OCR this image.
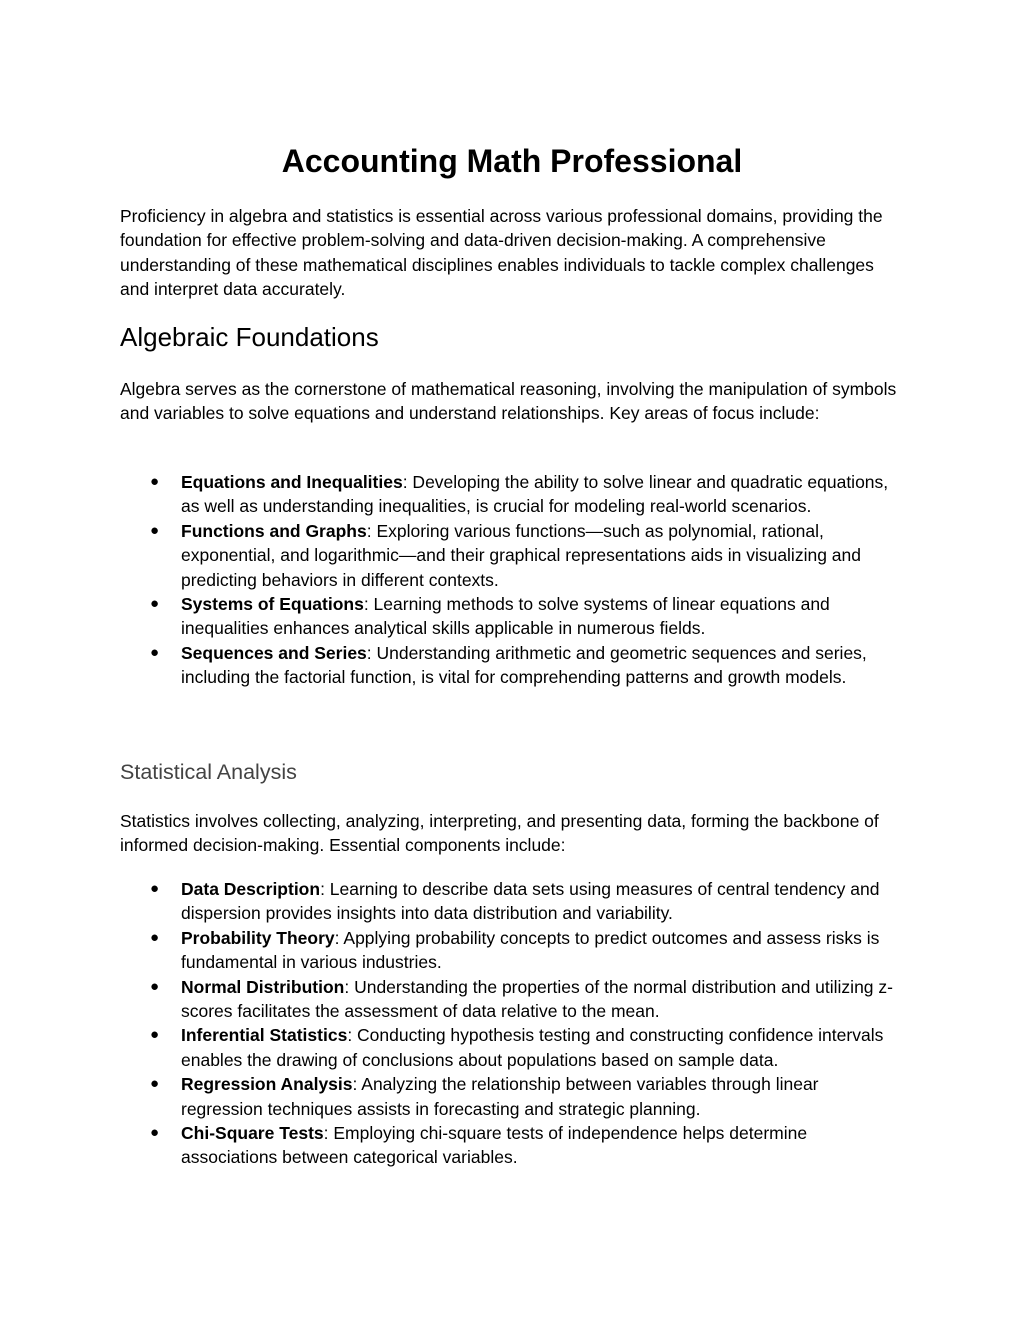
Accounting Math Professional

Proficiency in algebra and statistics is essential across various professional domains, providing the foundation for effective problem-solving and data-driven decision-making. A comprehensive understanding of these mathematical disciplines enables individuals to tackle complex challenges and interpret data accurately.

Algebraic Foundations

Algebra serves as the cornerstone of mathematical reasoning, involving the manipulation of symbols and variables to solve equations and understand relationships. Key areas of focus include:

● Equations and Inequalities: Developing the ability to solve linear and quadratic equations, as well as understanding inequalities, is crucial for modeling real-world scenarios.
● Functions and Graphs: Exploring various functions—such as polynomial, rational, exponential, and logarithmic—and their graphical representations aids in visualizing and predicting behaviors in different contexts.
● Systems of Equations: Learning methods to solve systems of linear equations and inequalities enhances analytical skills applicable in numerous fields.
● Sequences and Series: Understanding arithmetic and geometric sequences and series, including the factorial function, is vital for comprehending patterns and growth models.
Statistical Analysis

Statistics involves collecting, analyzing, interpreting, and presenting data, forming the backbone of informed decision-making. Essential components include:

● Data Description: Learning to describe data sets using measures of central tendency and dispersion provides insights into data distribution and variability.
● Probability Theory: Applying probability concepts to predict outcomes and assess risks is fundamental in various industries.
● Normal Distribution: Understanding the properties of the normal distribution and utilizing z-scores facilitates the assessment of data relative to the mean.
● Inferential Statistics: Conducting hypothesis testing and constructing confidence intervals enables the drawing of conclusions about populations based on sample data.
● Regression Analysis: Analyzing the relationship between variables through linear regression techniques assists in forecasting and strategic planning.
● Chi-Square Tests: Employing chi-square tests of independence helps determine associations between categorical variables.
